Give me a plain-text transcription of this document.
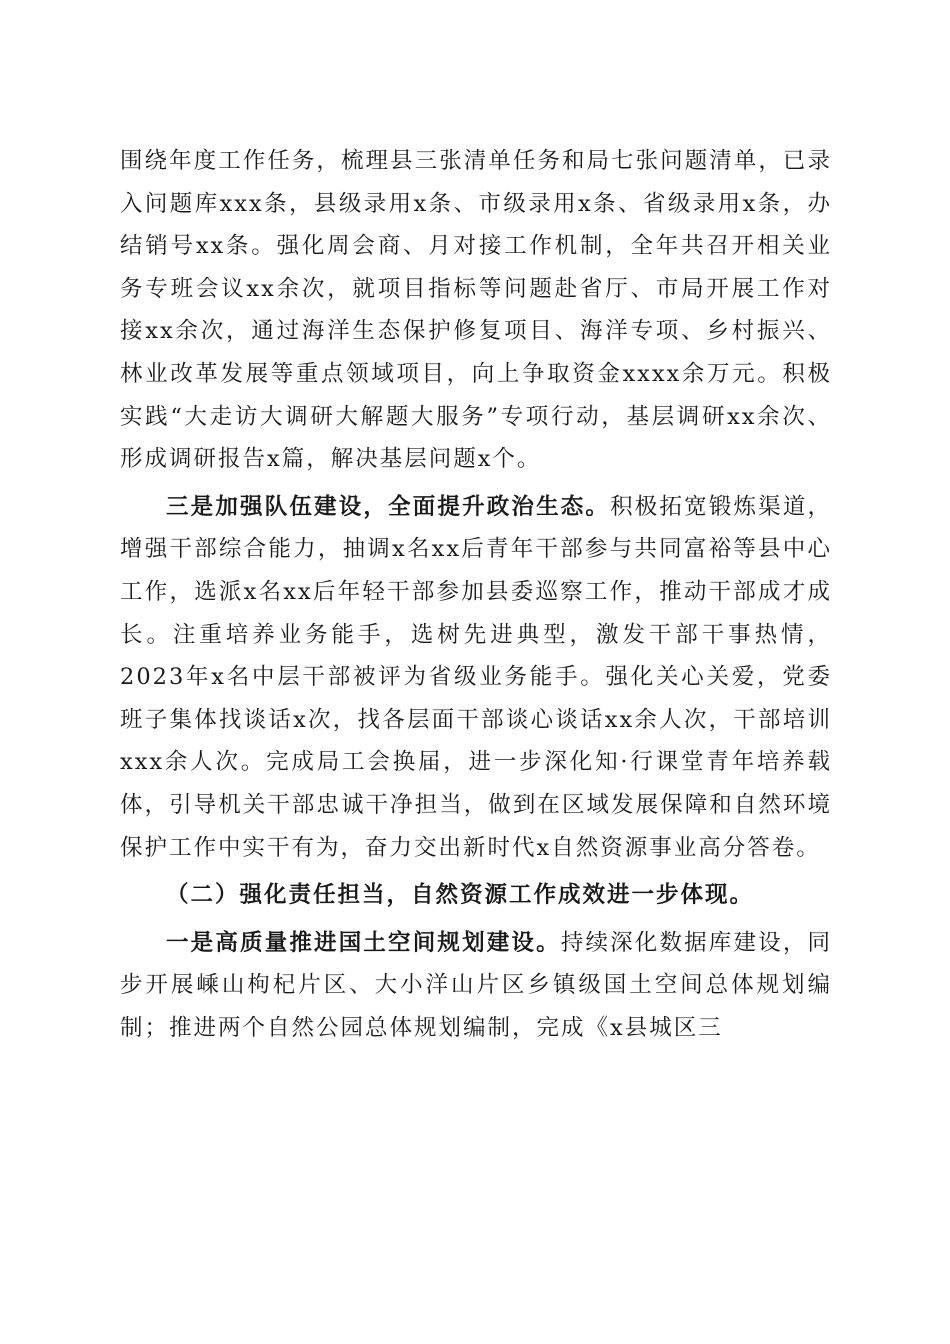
围绕年度工作任务，梳理县三张清单任务和局七张问题清单，已录入问题库xxx条，县级录用x条、市级录用x条、省级录用x条，办结销号xx条。强化周会商、月对接工作机制，全年共召开相关业务专班会议xx余次，就项目指标等问题赴省厅、市局开展工作对接xx余次，通过海洋生态保护修复项目、海洋专项、乡村振兴、林业改革发展等重点领域项目，向上争取资金xxxx余万元。积极实践“大走访大调研大解题大服务”专项行动，基层调研xx余次、形成调研报告x篇，解决基层问题x个。

三是加强队伍建设，全面提升政治生态。积极拓宽锻炼渠道，增强干部综合能力，抽调x名xx后青年干部参与共同富裕等县中心工作，选派x名xx后年轻干部参加县委巡察工作，推动干部成才成长。注重培养业务能手，选树先进典型，激发干部干事热情，2023年x名中层干部被评为省级业务能手。强化关心关爱，党委班子集体找谈话x次，找各层面干部谈心谈话xx余人次，干部培训xxx余人次。完成局工会换届，进一步深化知·行课堂青年培养载体，引导机关干部忠诚干净担当，做到在区域发展保障和自然环境保护工作中实干有为，奋力交出新时代x自然资源事业高分答卷。

（二）强化责任担当，自然资源工作成效进一步体现。

一是高质量推进国土空间规划建设。持续深化数据库建设，同步开展嵊山枸杞片区、大小洋山片区乡镇级国土空间总体规划编制；推进两个自然公园总体规划编制，完成《x县城区三
